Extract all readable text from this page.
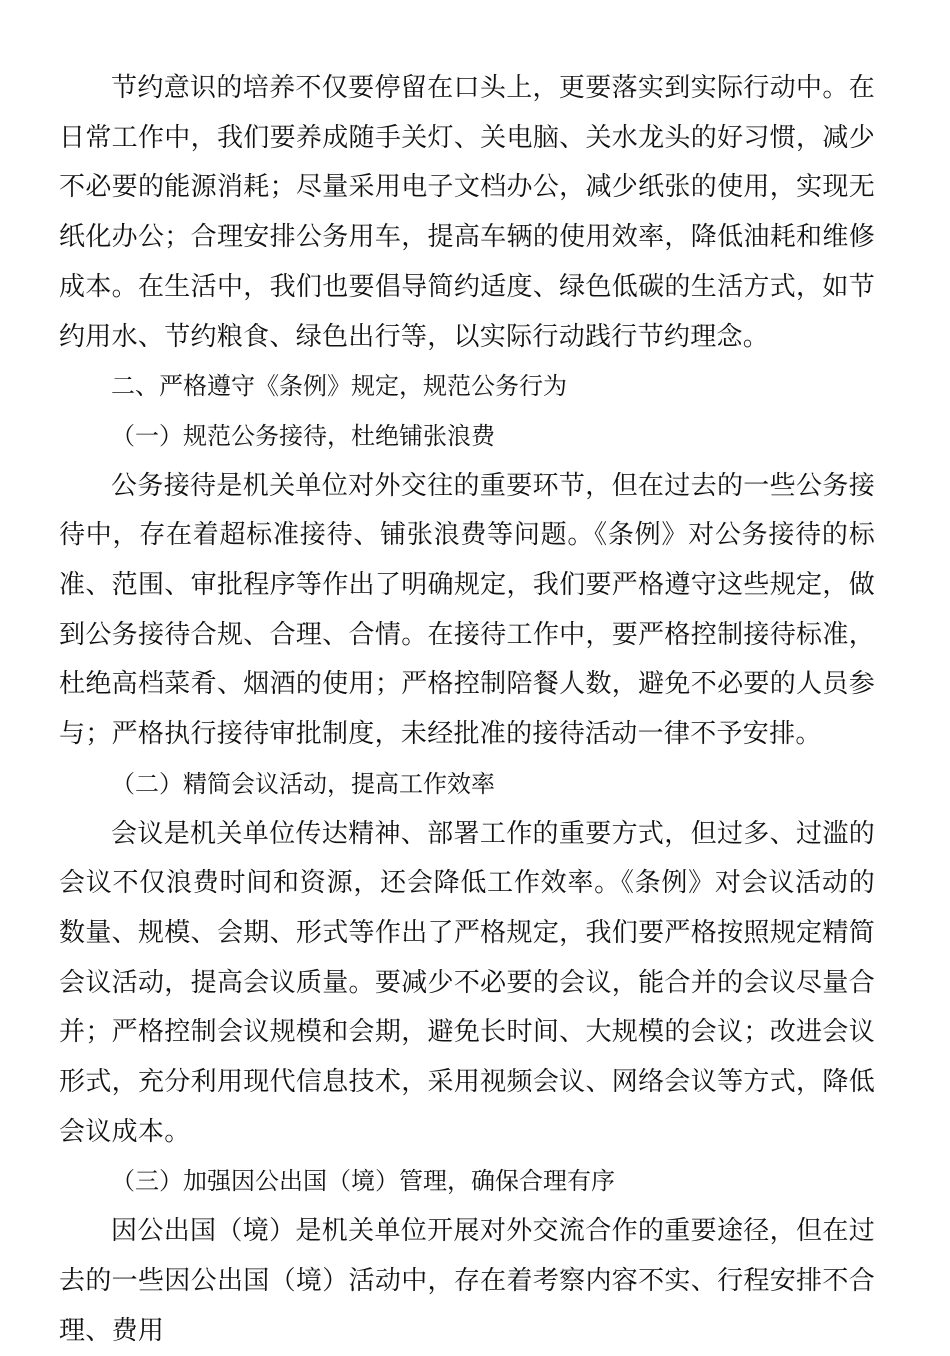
节约意识的培养不仅要停留在口头上，更要落实到实际行动中。在日常工作中，我们要养成随手关灯、关电脑、关水龙头的好习惯，减少不必要的能源消耗；尽量采用电子文档办公，减少纸张的使用，实现无纸化办公；合理安排公务用车，提高车辆的使用效率，降低油耗和维修成本。在生活中，我们也要倡导简约适度、绿色低碳的生活方式，如节约用水、节约粮食、绿色出行等，以实际行动践行节约理念。

二、严格遵守《条例》规定，规范公务行为

（一）规范公务接待，杜绝铺张浪费

公务接待是机关单位对外交往的重要环节，但在过去的一些公务接待中，存在着超标准接待、铺张浪费等问题。《条例》对公务接待的标准、范围、审批程序等作出了明确规定，我们要严格遵守这些规定，做到公务接待合规、合理、合情。在接待工作中，要严格控制接待标准，杜绝高档菜肴、烟酒的使用；严格控制陪餐人数，避免不必要的人员参与；严格执行接待审批制度，未经批准的接待活动一律不予安排。

（二）精简会议活动，提高工作效率

会议是机关单位传达精神、部署工作的重要方式，但过多、过滥的会议不仅浪费时间和资源，还会降低工作效率。《条例》对会议活动的数量、规模、会期、形式等作出了严格规定，我们要严格按照规定精简会议活动，提高会议质量。要减少不必要的会议，能合并的会议尽量合并；严格控制会议规模和会期，避免长时间、大规模的会议；改进会议形式，充分利用现代信息技术，采用视频会议、网络会议等方式，降低会议成本。

（三）加强因公出国（境）管理，确保合理有序

因公出国（境）是机关单位开展对外交流合作的重要途径，但在过去的一些因公出国（境）活动中，存在着考察内容不实、行程安排不合理、费用
